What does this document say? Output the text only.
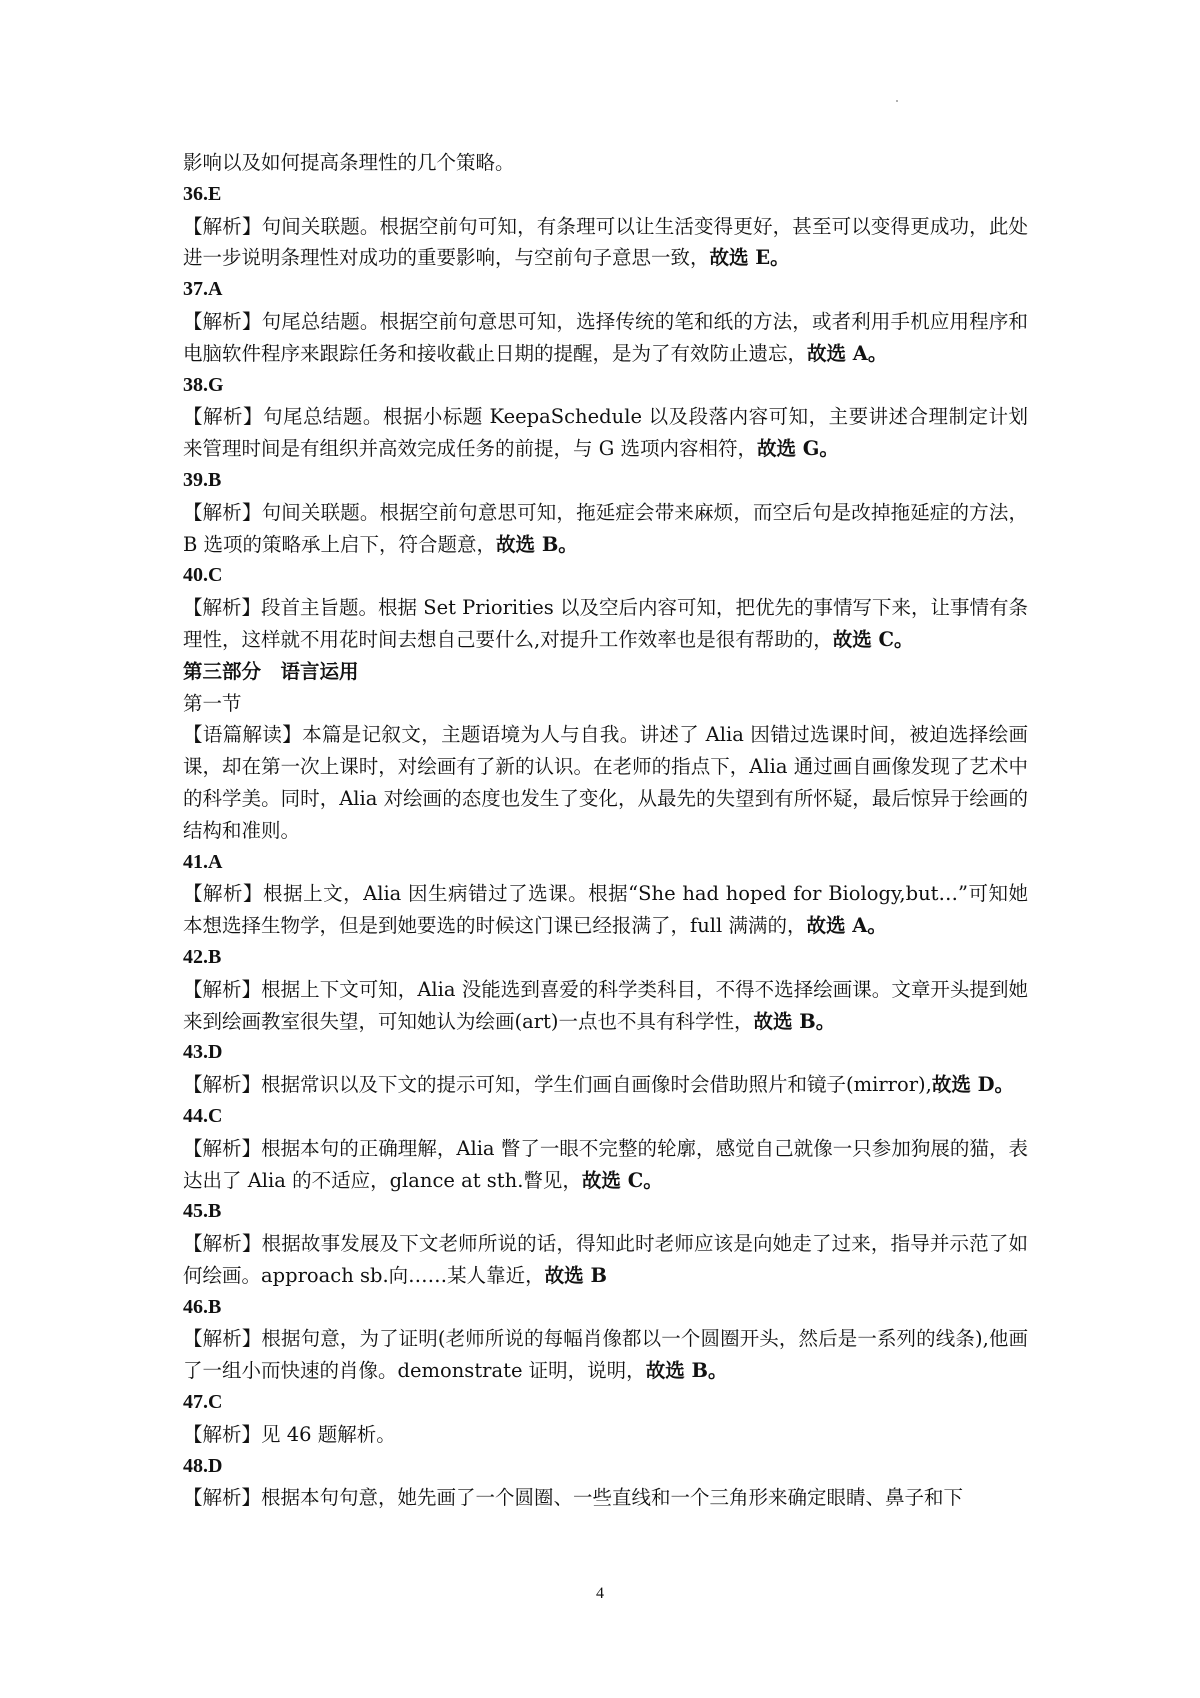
影响以及如何提高条理性的几个策略。
36.E
【解析】句间关联题。根据空前句可知，有条理可以让生活变得更好，甚至可以变得更成功，此处进一步说明条理性对成功的重要影响，与空前句子意思一致，故选 E。
37.A
【解析】句尾总结题。根据空前句意思可知，选择传统的笔和纸的方法，或者利用手机应用程序和电脑软件程序来跟踪任务和接收截止日期的提醒，是为了有效防止遗忘，故选 A。
38.G
【解析】句尾总结题。根据小标题 KeepaSchedule 以及段落内容可知，主要讲述合理制定计划来管理时间是有组织并高效完成任务的前提，与 G 选项内容相符，故选 G。
39.B
【解析】句间关联题。根据空前句意思可知，拖延症会带来麻烦，而空后句是改掉拖延症的方法，B 选项的策略承上启下，符合题意，故选 B。
40.C
【解析】段首主旨题。根据 Set Priorities 以及空后内容可知，把优先的事情写下来，让事情有条理性，这样就不用花时间去想自己要什么,对提升工作效率也是很有帮助的，故选 C。
第三部分　语言运用
第一节
【语篇解读】本篇是记叙文，主题语境为人与自我。讲述了 Alia 因错过选课时间，被迫选择绘画课，却在第一次上课时，对绘画有了新的认识。在老师的指点下，Alia 通过画自画像发现了艺术中的科学美。同时，Alia 对绘画的态度也发生了变化，从最先的失望到有所怀疑，最后惊异于绘画的结构和准则。
41.A
【解析】根据上文，Alia 因生病错过了选课。根据“She had hoped for Biology,but…”可知她本想选择生物学，但是到她要选的时候这门课已经报满了，full 满满的，故选 A。
42.B
【解析】根据上下文可知，Alia 没能选到喜爱的科学类科目，不得不选择绘画课。文章开头提到她来到绘画教室很失望，可知她认为绘画(art)一点也不具有科学性，故选 B。
43.D
【解析】根据常识以及下文的提示可知，学生们画自画像时会借助照片和镜子(mirror),故选 D。
44.C
【解析】根据本句的正确理解，Alia 瞥了一眼不完整的轮廓，感觉自己就像一只参加狗展的猫，表达出了 Alia 的不适应，glance at sth.瞥见，故选 C。
45.B
【解析】根据故事发展及下文老师所说的话，得知此时老师应该是向她走了过来，指导并示范了如何绘画。approach sb.向……某人靠近，故选 B
46.B
【解析】根据句意，为了证明(老师所说的每幅肖像都以一个圆圈开头，然后是一系列的线条),他画了一组小而快速的肖像。demonstrate 证明，说明，故选 B。
47.C
【解析】见 46 题解析。
48.D
【解析】根据本句句意，她先画了一个圆圈、一些直线和一个三角形来确定眼睛、鼻子和下
4
